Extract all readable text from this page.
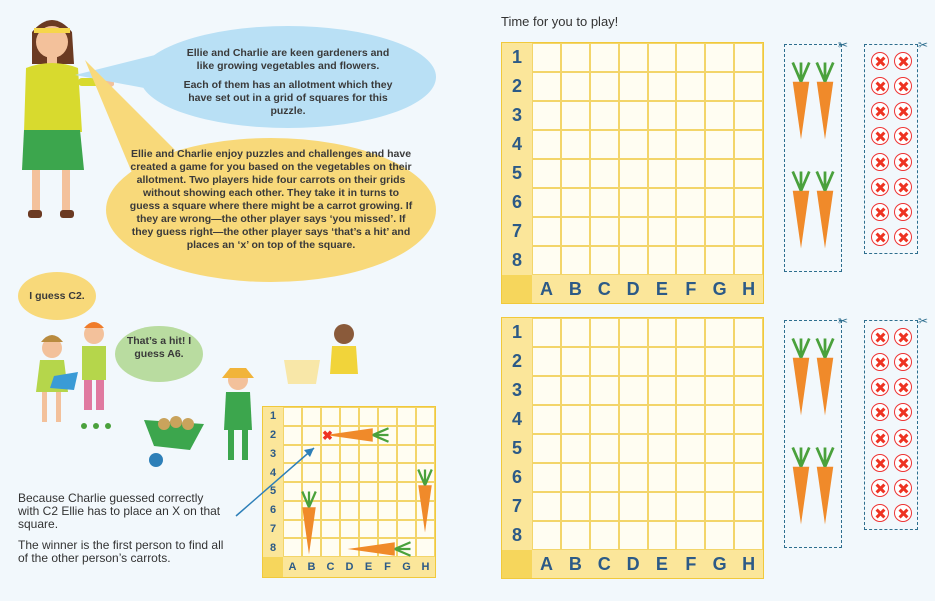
Ellie and Charlie are keen gardeners and like growing vegetables and flowers.
Each of them has an allotment which they have set out in a grid of squares for this puzzle.
Ellie and Charlie enjoy puzzles and challenges and have created a game for you based on the vegetables on their allotment. Two players hide four carrots on their grids without showing each other. They take it in turns to guess a square where there might be a carrot growing. If they are wrong—the other player says ‘you missed’. If they guess right—the other player says ‘that’s a hit’ and places an ‘x’ on top of the square.
I guess C2.
That’s a hit! I guess A6.
1
2
3
4
5
6
7
8
A	B	C	D	E	F	G H
Because Charlie guessed correctly with C2 Ellie has to place an X on that square.
The winner is the first person to find all of the other person’s carrots.
Time for you to play!
1
2
3
4
5
6
7
8
A B C D E F G H
1
2
3
4
5
6
7
8
A B C D E F G H
✖
✂	✂
✂	✂
